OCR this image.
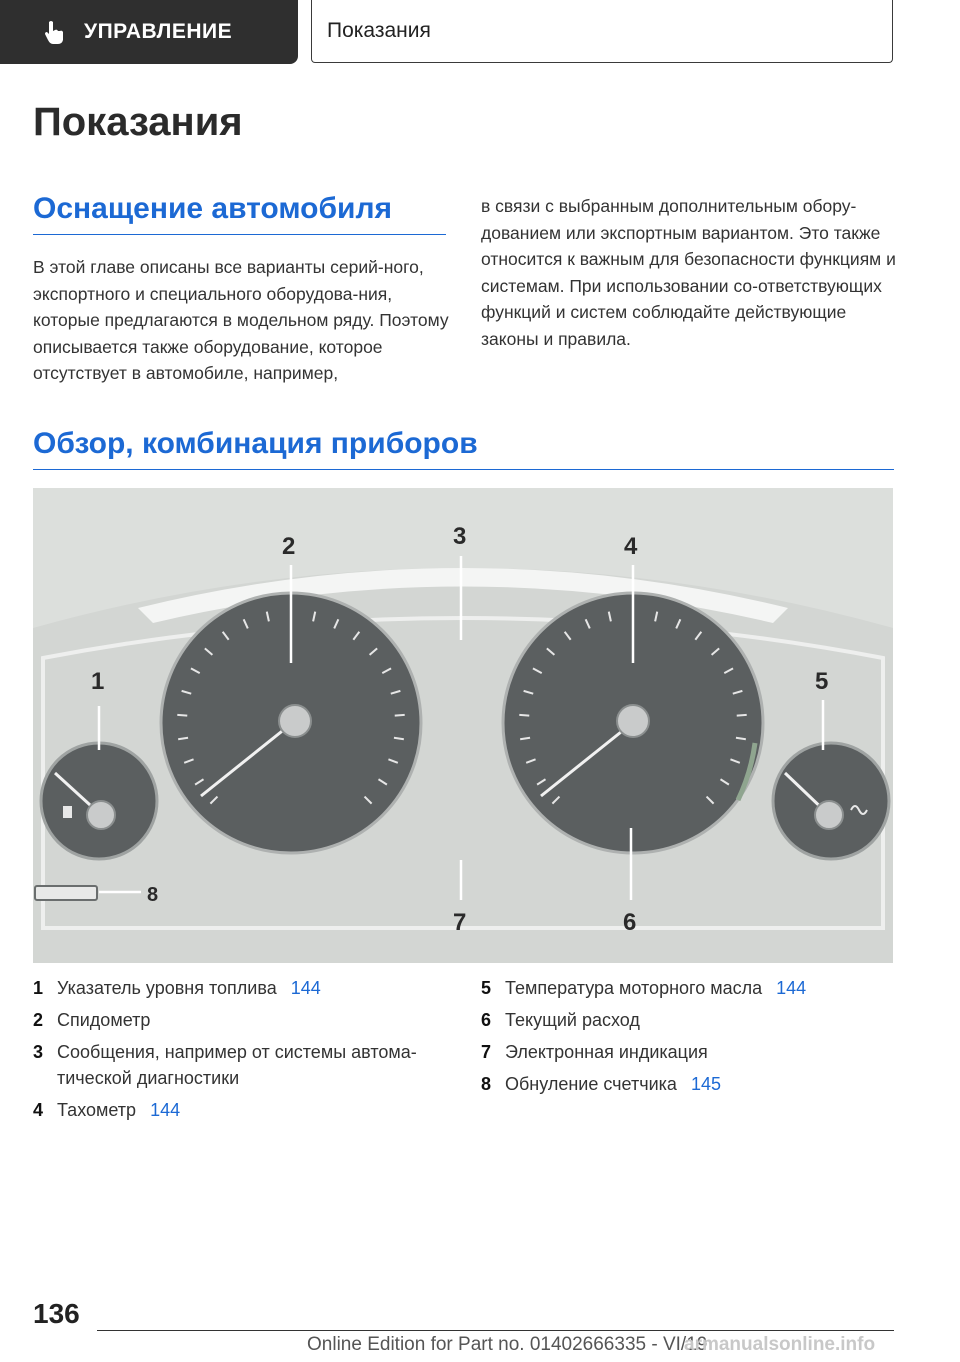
УПРАВЛЕНИЕ	Показания
Показания
Оснащение автомобиля

В этой главе описаны все варианты серий-ного, экспортного и специального оборудова-ния, которые предлагаются в модельном ряду. Поэтому описывается также оборудование, которое отсутствует в автомобиле, например,

в связи с выбранным дополнительным обору-дованием или экспортным вариантом. Это также относится к важным для безопасности функциям и системам. При использовании со-ответствующих функций и систем соблюдайте действующие законы и правила.

Обзор, комбинация приборов
1
2	3	4
5
6
7
8
1 Указатель уровня топлива 144
2 Спидометр
3 Сообщения, например от системы автома-тической диагностики
4 Тахометр 144
5 Температура моторного масла 144
6 Текущий расход
7 Электронная индикация
8 Обнуление счетчика 145
136
Online Edition for Part no. 01402666335 - VI/19
armanualsonline.info
